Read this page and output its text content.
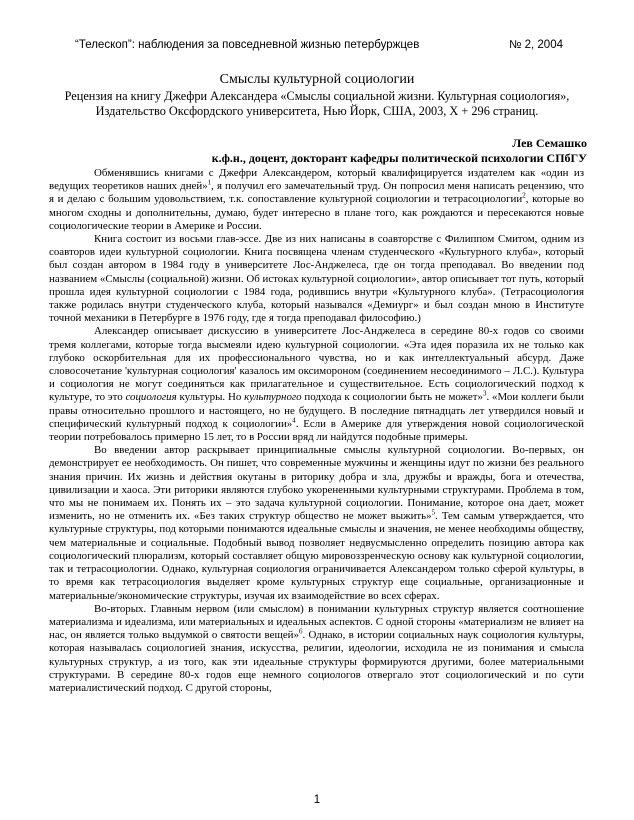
“Телескоп”: наблюдения за повседневной жизнью петербуржцев	№ 2, 2004
Смыслы культурной социологии

Рецензия на книгу Джефри Александера «Смыслы социальной жизни. Культурная социология»,

Издательство Оксфордского университета, Нью Йорк, США, 2003, X + 296 страниц.

Лев Семашко
к.ф.н., доцент, докторант кафедры политической психологии СПбГУ

Обменявшись книгами с Джефри Александером, который квалифицируется издателем как «один из ведущих теоретиков наших дней»$^1$, я получил его замечательный труд. Он попросил меня написать рецензию, что я и делаю с большим удовольствием, т.к. сопоставление культурной социологии и тетрасоциологии$^2$, которые во многом сходны и дополнительны, думаю, будет интересно в плане того, как рождаются и пересекаются новые социологические теории в Америке и России.

Книга состоит из восьми глав-эссе. Две из них написаны в соавторстве с Филиппом Смитом, одним из соавторов идеи культурной социологии. Книга посвящена членам студенческого «Культурного клуба», который был создан автором в 1984 году в университете Лос-Анджелеса, где он тогда преподавал. Во введении под названием «Смыслы (социальной) жизни. Об истоках культурной социологии», автор описывает тот путь, который прошла идея культурной социологии с 1984 года, родившись внутри «Культурного клуба». (Тетрасоциология также родилась внутри студенческого клуба, который назывался «Демиург» и был создан мною в Институте точной механики в Петербурге в 1976 году, где я тогда преподавал философию.)

Александер описывает дискуссию в университете Лос-Анджелеса в середине 80-х годов со своими тремя коллегами, которые тогда высмеяли идею культурной социологии. «Эта идея поразила их не только как глубоко оскорбительная для их профессионального чувства, но и как интеллектуальный абсурд. Даже словосочетание 'культурная социология' казалось им оксимороном (соединением несоединимого – Л.С.). Культура и социология не могут соединяться как прилагательное и существительное. Есть социологический подход к культуре, то это социология культуры. Но культурного подхода к социологии быть не может»$^3$. «Мои коллеги были правы относительно прошлого и настоящего, но не будущего. В последние пятнадцать лет утвердился новый и специфический культурный подход к социологии»$^4$. Если в Америке для утверждения новой социологической теории потребовалось примерно 15 лет, то в России вряд ли найдутся подобные примеры.

Во введении автор раскрывает принципиальные смыслы культурной социологии. Во-первых, он демонстрирует ее необходимость. Он пишет, что современные мужчины и женщины идут по жизни без реального знания причин. Их жизнь и действия окутаны в риторику добра и зла, дружбы и вражды, бога и отечества, цивилизации и хаоса. Эти риторики являются глубоко укорененными культурными структурами. Проблема в том, что мы не понимаем их. Понять их – это задача культурной социологии. Понимание, которое она дает, может изменить, но не отменить их. «Без таких структур общество не может выжить»$^5$. Тем самым утверждается, что культурные структуры, под которыми понимаются идеальные смыслы и значения, не менее необходимы обществу, чем материальные и социальные. Подобный вывод позволяет недвусмысленно определить позицию автора как социологический плюрализм, который составляет общую мировоззренческую основу как культурной социологии, так и тетрасоциологии. Однако, культурная социология ограничивается Александером только сферой культуры, в то время как тетрасоциология выделяет кроме культурных структур еще социальные, организационные и материальные/экономические структуры, изучая их взаимодействие во всех сферах.

Во-вторых. Главным нервом (или смыслом) в понимании культурных структур является соотношение материализма и идеализма, или материальных и идеальных аспектов. С одной стороны «материализм не влияет на нас, он является только выдумкой о святости вещей»$^6$. Однако, в истории социальных наук социология культуры, которая называлась социологией знания, искусства, религии, идеологии, исходила не из понимания и смысла культурных структур, а из того, как эти идеальные структуры формируются другими, более материальными структурами. В середине 80-х годов еще немного социологов отвергало этот социологический и по сути материалистический подход. С другой стороны,

1
